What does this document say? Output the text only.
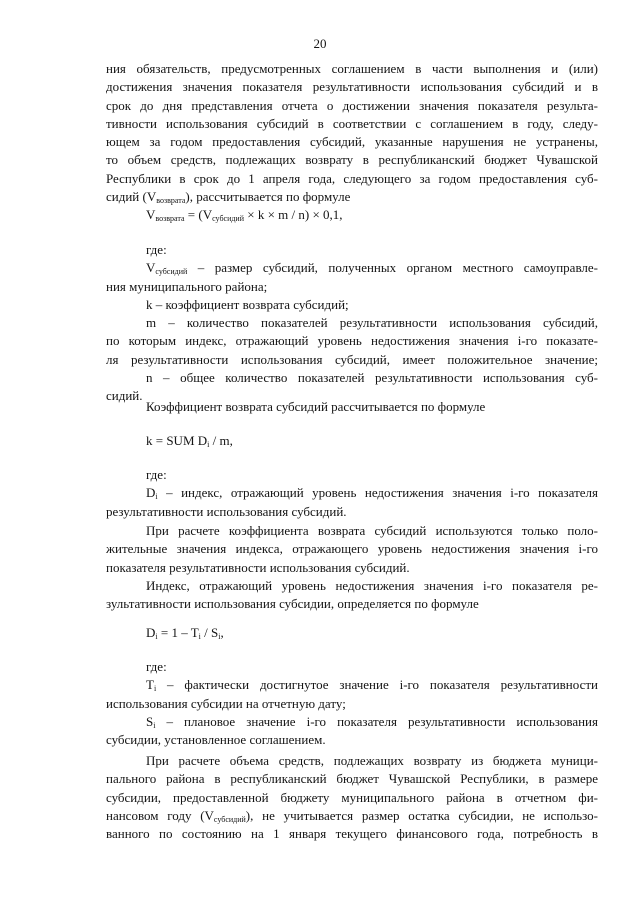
20
ния обязательств, предусмотренных соглашением в части выполнения и (или)
достижения значения показателя результативности использования субсидий и в
срок до дня представления отчета о достижении значения показателя результа-
тивности использования субсидий в соответствии с соглашением в году, следу-
ющем за годом предоставления субсидий, указанные нарушения не устранены,
то объем средств, подлежащих возврату в республиканский бюджет Чувашской
Республики в срок до 1 апреля года, следующего за годом предоставления суб-
сидий (Vвозврата), рассчитывается по формуле
Vвозврата = (Vсубсидий × k × m / n) × 0,1,
где:
Vсубсидий – размер субсидий, полученных органом местного самоуправле-
ния муниципального района;
k – коэффициент возврата субсидий;
m – количество показателей результативности использования субсидий,
по которым индекс, отражающий уровень недостижения значения i-го показате-
ля результативности использования субсидий, имеет положительное значение;
n – общее количество показателей результативности использования суб-
сидий.
Коэффициент возврата субсидий рассчитывается по формуле
k = SUM Di / m,
где:
Di – индекс, отражающий уровень недостижения значения i-го показателя
результативности использования субсидий.
При расчете коэффициента возврата субсидий используются только поло-
жительные значения индекса, отражающего уровень недостижения значения i-го
показателя результативности использования субсидий.
Индекс, отражающий уровень недостижения значения i-го показателя ре-
зультативности использования субсидии, определяется по формуле
Di = 1 – Ti / Si,
где:
Ti – фактически достигнутое значение i-го показателя результативности
использования субсидии на отчетную дату;
Si – плановое значение i-го показателя результативности использования
субсидии, установленное соглашением.
При расчете объема средств, подлежащих возврату из бюджета муници-
пального района в республиканский бюджет Чувашской Республики, в размере
субсидии, предоставленной бюджету муниципального района в отчетном фи-
нансовом году (Vсубсидий), не учитывается размер остатка субсидии, не использо-
ванного по состоянию на 1 января текущего финансового года, потребность в
